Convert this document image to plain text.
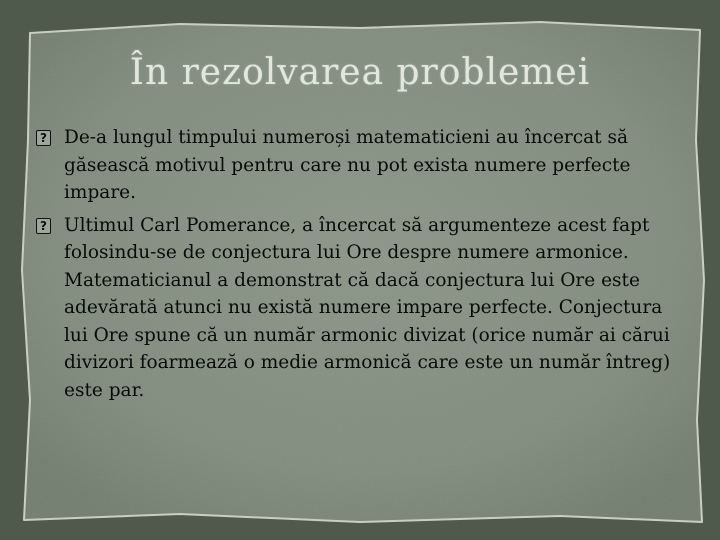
În rezolvarea problemei
?
De-a lungul timpului numeroși matematicieni au încercat să găsească motivul pentru care nu pot exista numere perfecte impare.
?
Ultimul Carl Pomerance, a încercat să argumenteze acest fapt folosindu-se de conjectura lui Ore despre numere armonice. Matematicianul a demonstrat că dacă conjectura lui Ore este adevărată atunci nu există numere impare perfecte. Conjectura lui Ore spune că un număr armonic divizat (orice număr ai cărui divizori foarmează o medie armonică care este un număr întreg) este par.
